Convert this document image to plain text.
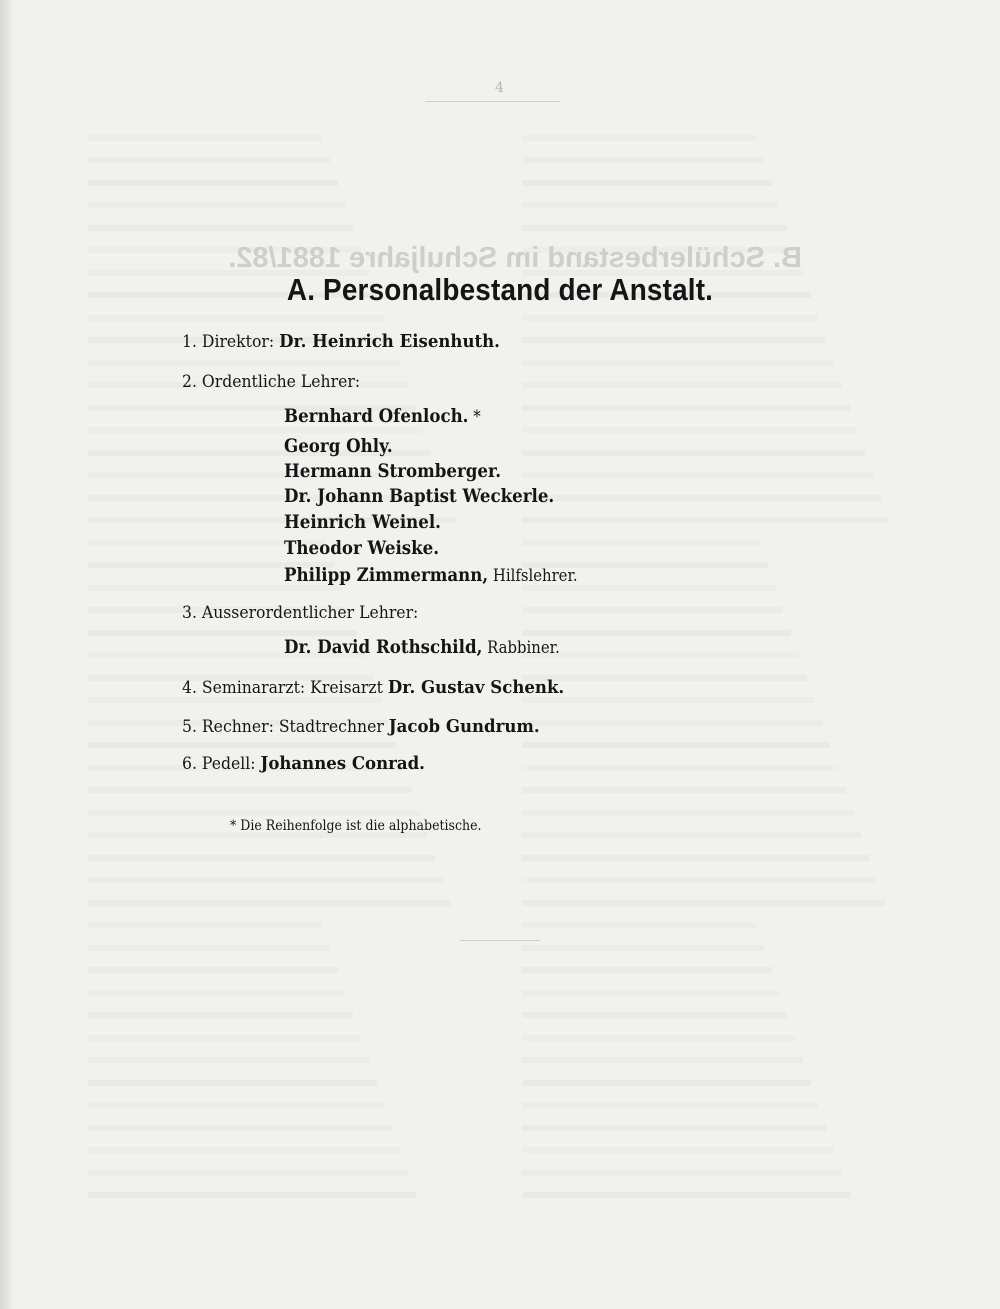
4
B. Schülerbestand im Schuljahre 1881/82.
A. Personalbestand der Anstalt.
1. Direktor: Dr. Heinrich Eisenhuth.
2. Ordentliche Lehrer:
Bernhard Ofenloch. *
Georg Ohly.
Hermann Stromberger.
Dr. Johann Baptist Weckerle.
Heinrich Weinel.
Theodor Weiske.
Philipp Zimmermann, Hilfslehrer.
3. Ausserordentlicher Lehrer:
Dr. David Rothschild, Rabbiner.
4. Seminararzt: Kreisarzt Dr. Gustav Schenk.
5. Rechner: Stadtrechner Jacob Gundrum.
6. Pedell: Johannes Conrad.
* Die Reihenfolge ist die alphabetische.
